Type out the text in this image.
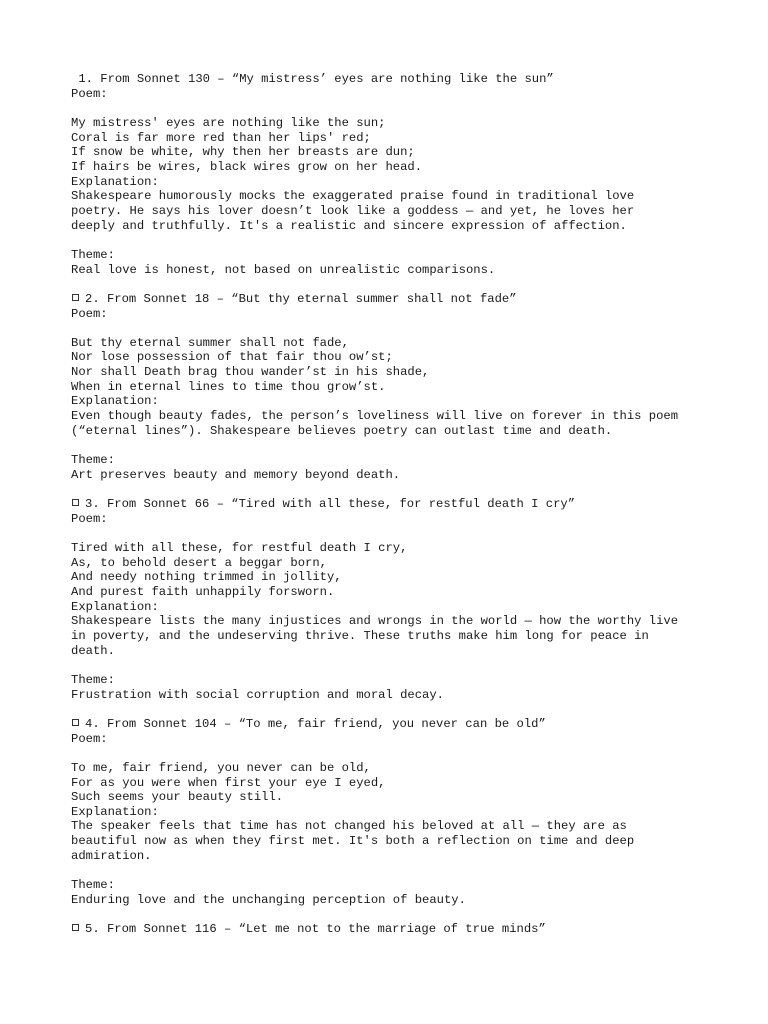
1. From Sonnet 130 – “My mistress’ eyes are nothing like the sun”
Poem:
My mistress' eyes are nothing like the sun;
Coral is far more red than her lips' red;
If snow be white, why then her breasts are dun;
If hairs be wires, black wires grow on her head.
Explanation:
Shakespeare humorously mocks the exaggerated praise found in traditional love
poetry. He says his lover doesn’t look like a goddess — and yet, he loves her
deeply and truthfully. It's a realistic and sincere expression of affection.
Theme:
Real love is honest, not based on unrealistic comparisons.
2. From Sonnet 18 – “But thy eternal summer shall not fade”
Poem:
But thy eternal summer shall not fade,
Nor lose possession of that fair thou ow’st;
Nor shall Death brag thou wander’st in his shade,
When in eternal lines to time thou grow’st.
Explanation:
Even though beauty fades, the person’s loveliness will live on forever in this poem
(“eternal lines”). Shakespeare believes poetry can outlast time and death.
Theme:
Art preserves beauty and memory beyond death.
3. From Sonnet 66 – “Tired with all these, for restful death I cry”
Poem:
Tired with all these, for restful death I cry,
As, to behold desert a beggar born,
And needy nothing trimmed in jollity,
And purest faith unhappily forsworn.
Explanation:
Shakespeare lists the many injustices and wrongs in the world — how the worthy live
in poverty, and the undeserving thrive. These truths make him long for peace in
death.
Theme:
Frustration with social corruption and moral decay.
4. From Sonnet 104 – “To me, fair friend, you never can be old”
Poem:
To me, fair friend, you never can be old,
For as you were when first your eye I eyed,
Such seems your beauty still.
Explanation:
The speaker feels that time has not changed his beloved at all — they are as
beautiful now as when they first met. It's both a reflection on time and deep
admiration.
Theme:
Enduring love and the unchanging perception of beauty.
5. From Sonnet 116 – “Let me not to the marriage of true minds”
